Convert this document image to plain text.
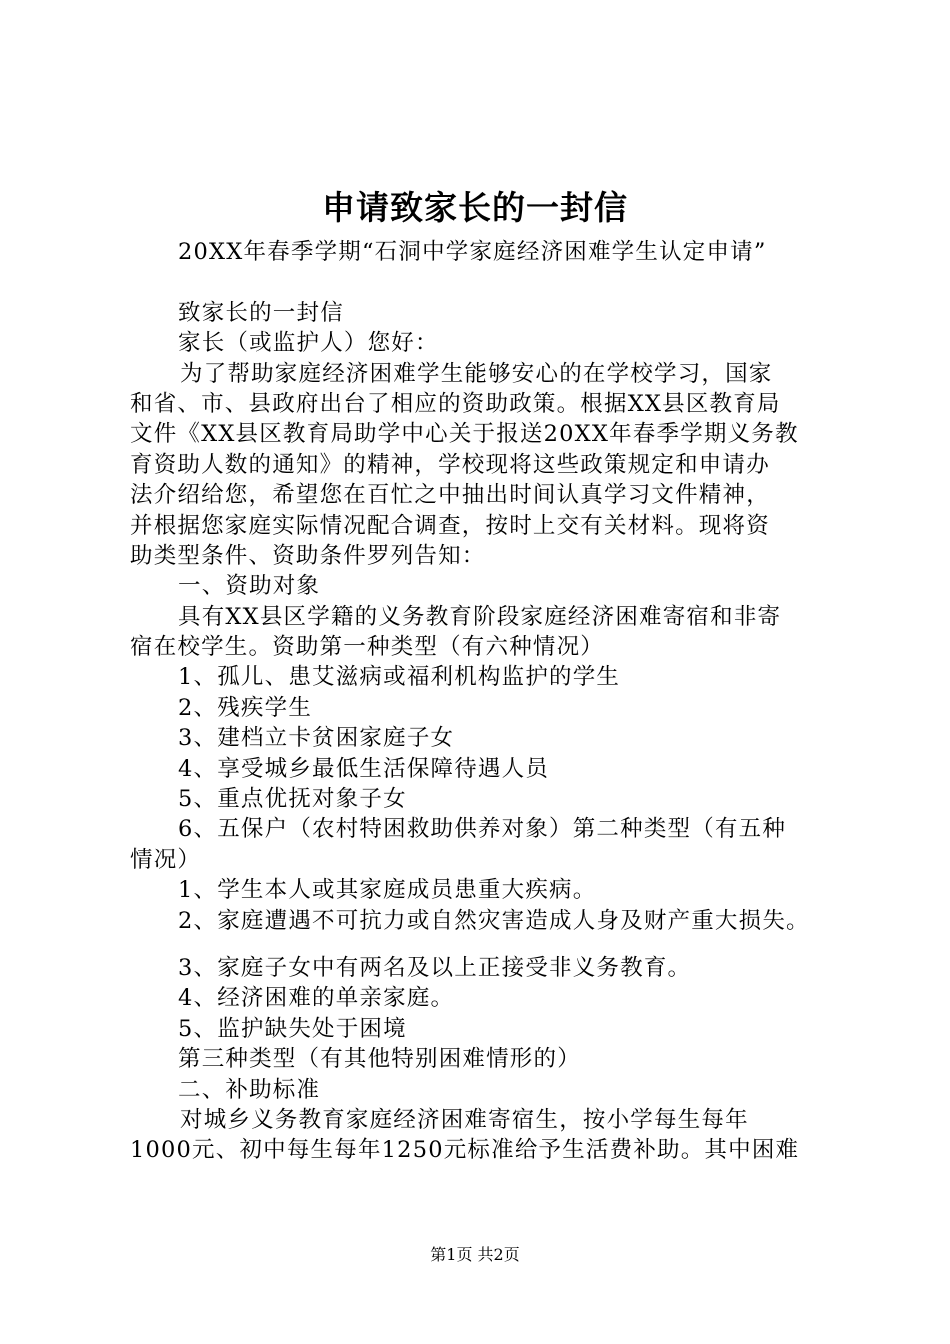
申请致家长的一封信
20XX年春季学期“石洞中学家庭经济困难学生认定申请”
致家长的一封信
家长（或监护人）您好：
为了帮助家庭经济困难学生能够安心的在学校学习，国家
和省、市、县政府出台了相应的资助政策。根据XX县区教育局
文件《XX县区教育局助学中心关于报送20XX年春季学期义务教
育资助人数的通知》的精神，学校现将这些政策规定和申请办
法介绍给您，希望您在百忙之中抽出时间认真学习文件精神，
并根据您家庭实际情况配合调查，按时上交有关材料。现将资
助类型条件、资助条件罗列告知：
一、资助对象
具有XX县区学籍的义务教育阶段家庭经济困难寄宿和非寄
宿在校学生。资助第一种类型（有六种情况）
1、孤儿、患艾滋病或福利机构监护的学生
2、残疾学生
3、建档立卡贫困家庭子女
4、享受城乡最低生活保障待遇人员
5、重点优抚对象子女
6、五保户（农村特困救助供养对象）第二种类型（有五种
情况）
1、学生本人或其家庭成员患重大疾病。
2、家庭遭遇不可抗力或自然灾害造成人身及财产重大损失。
3、家庭子女中有两名及以上正接受非义务教育。
4、经济困难的单亲家庭。
5、监护缺失处于困境
第三种类型（有其他特别困难情形的）
二、补助标准
对城乡义务教育家庭经济困难寄宿生，按小学每生每年
1000元、初中每生每年1250元标准给予生活费补助。其中困难
第1页 共2页
